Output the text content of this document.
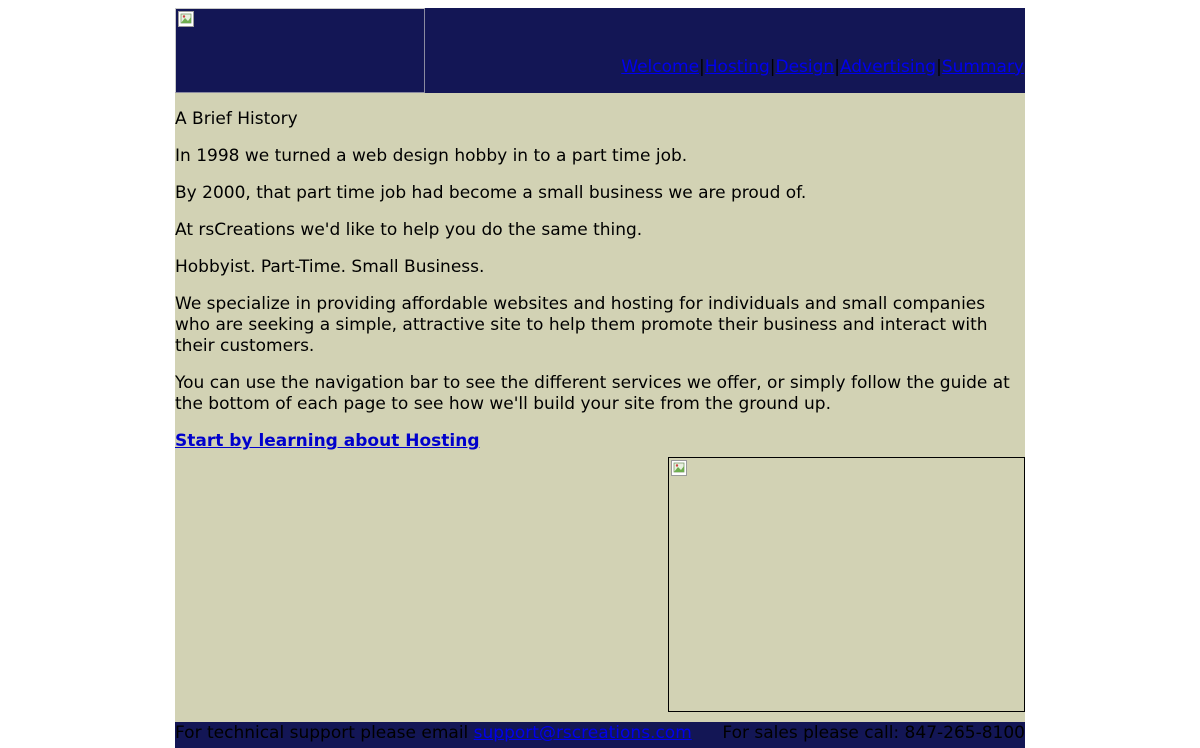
Welcome|Hosting|Design|Advertising|Summary

A Brief History

In 1998 we turned a web design hobby in to a part time job.

By 2000, that part time job had become a small business we are proud of.

At rsCreations we'd like to help you do the same thing.

Hobbyist. Part-Time. Small Business.

We specialize in providing affordable websites and hosting for individuals and small companies who are seeking a simple, attractive site to help them promote their business and interact with their customers.

You can use the navigation bar to see the different services we offer, or simply follow the guide at the bottom of each page to see how we'll build your site from the ground up.

Start by learning about Hosting

For technical support please email support@rscreations.com For sales please call: 847-265-8100
